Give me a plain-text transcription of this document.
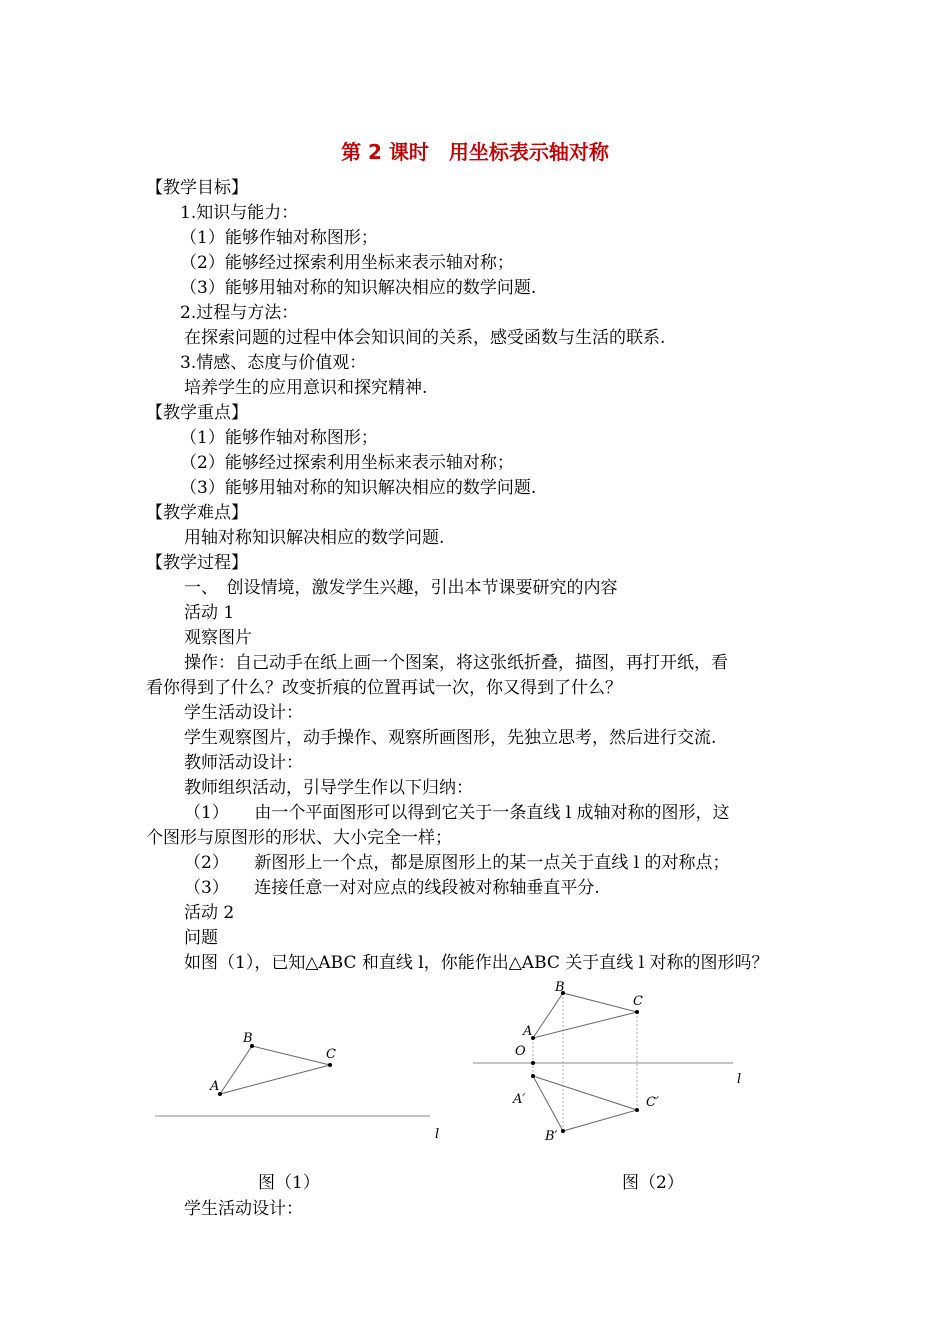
第 2 课时　用坐标表示轴对称
【教学目标】
1.知识与能力：
（1）能够作轴对称图形；
（2）能够经过探索利用坐标来表示轴对称；
（3）能够用轴对称的知识解决相应的数学问题.
2.过程与方法：
在探索问题的过程中体会知识间的关系，感受函数与生活的联系.
3.情感、态度与价值观：
培养学生的应用意识和探究精神.
【教学重点】
（1）能够作轴对称图形；
（2）能够经过探索利用坐标来表示轴对称；
（3）能够用轴对称的知识解决相应的数学问题.
【教学难点】
用轴对称知识解决相应的数学问题.
【教学过程】
一、　创设情境，激发学生兴趣，引出本节课要研究的内容
活动 1
观察图片
操作：自己动手在纸上画一个图案，将这张纸折叠，描图，再打开纸，看
看你得到了什么？改变折痕的位置再试一次，你又得到了什么？
学生活动设计：
学生观察图片，动手操作、观察所画图形，先独立思考，然后进行交流.
教师活动设计：
教师组织活动，引导学生作以下归纳：
（1）　　由一个平面图形可以得到它关于一条直线 l 成轴对称的图形，这
个图形与原图形的形状、大小完全一样；
（2）　　新图形上一个点，都是原图形上的某一点关于直线 l 的对称点；
（3）　　连接任意一对对应点的线段被对称轴垂直平分.
活动 2
问题
如图（1），已知△ABC 和直线 l，你能作出△ABC 关于直线 l 对称的图形吗？
A
B
C
l
图（1）
B
C
A
O
l
A′	C′
B′
图（2）
学生活动设计：
